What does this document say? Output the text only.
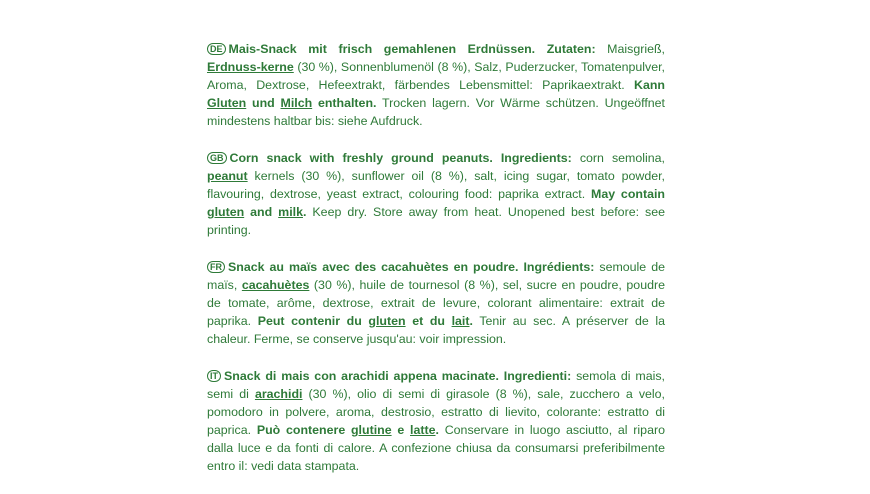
DE Mais-Snack mit frisch gemahlenen Erdnüssen. Zutaten: Maisgrieß, Erdnuss-kerne (30 %), Sonnenblumenöl (8 %), Salz, Puderzucker, Tomatenpulver, Aroma, Dextrose, Hefeextrakt, färbendes Lebensmittel: Paprikaextrakt. Kann Gluten und Milch enthalten. Trocken lagern. Vor Wärme schützen. Ungeöffnet mindestens haltbar bis: siehe Aufdruck.

GB Corn snack with freshly ground peanuts. Ingredients: corn semolina, peanut kernels (30 %), sunflower oil (8 %), salt, icing sugar, tomato powder, flavouring, dextrose, yeast extract, colouring food: paprika extract. May contain gluten and milk. Keep dry. Store away from heat. Unopened best before: see printing.

FR Snack au maïs avec des cacahuètes en poudre. Ingrédients: semoule de maïs, cacahuètes (30 %), huile de tournesol (8 %), sel, sucre en poudre, poudre de tomate, arôme, dextrose, extrait de levure, colorant alimentaire: extrait de paprika. Peut contenir du gluten et du lait. Tenir au sec. A préserver de la chaleur. Ferme, se conserve jusqu'au: voir impression.

IT Snack di mais con arachidi appena macinate. Ingredienti: semola di mais, semi di arachidi (30 %), olio di semi di girasole (8 %), sale, zucchero a velo, pomodoro in polvere, aroma, destrosio, estratto di lievito, colorante: estratto di paprica. Può contenere glutine e latte. Conservare in luogo asciutto, al riparo dalla luce e da fonti di calore. A confezione chiusa da consumarsi preferibilmente entro il: vedi data stampata.
